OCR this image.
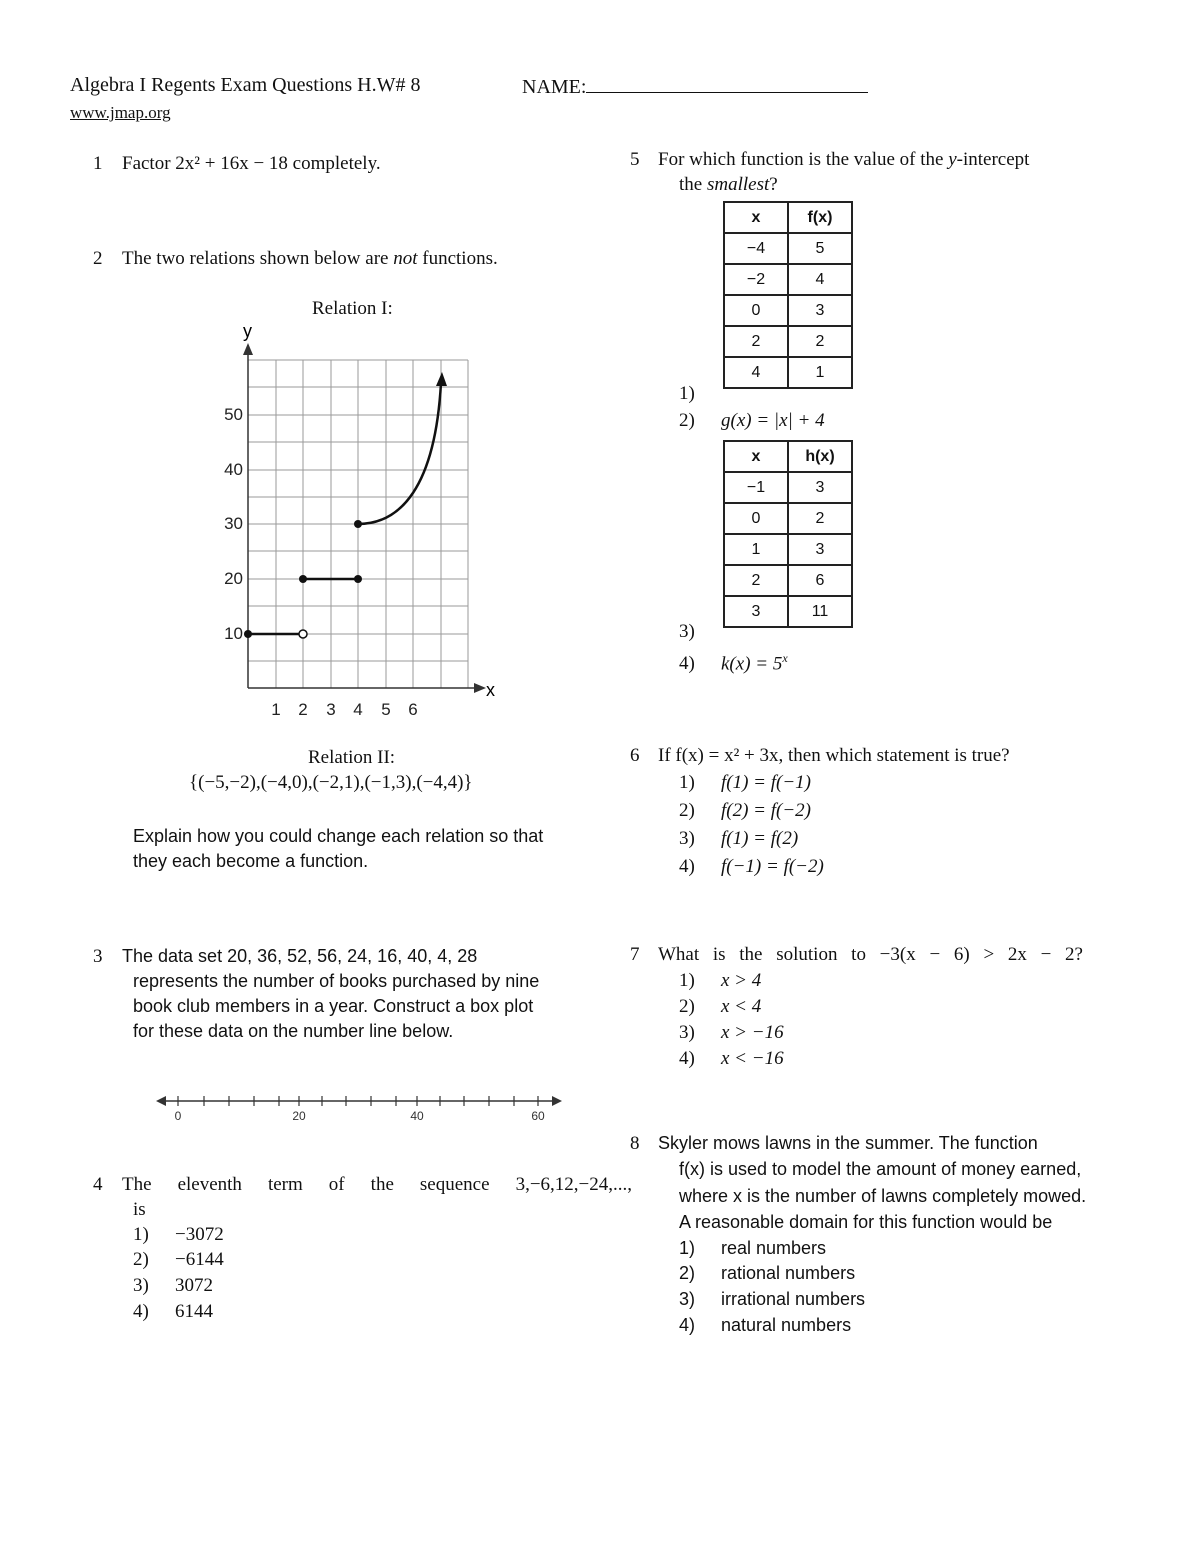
Algebra I Regents Exam Questions H.W# 8	NAME:
www.jmap.org
1 Factor 2x² + 16x − 18 completely.
2 The two relations shown below are not functions.
Relation I:
y
x
10
20
30
40
50
1 2 3 4 5 6
Relation II:
{(−5,−2),(−4,0),(−2,1),(−1,3),(−4,4)}
Explain how you could change each relation so that
they each become a function.
3 The data set 20, 36, 52, 56, 24, 16, 40, 4, 28
represents the number of books purchased by nine
book club members in a year. Construct a box plot
for these data on the number line below.
0	20	40	60
4 The eleventh term of the sequence 3,−6,12,−24,...,
is
1) −3072
2) −6144
3) 3072
4) 6144
5 For which function is the value of the y-intercept
the smallest?
x	f(x)
−4	5
−2	4
0	3
2	2
4	1
1)
2) g(x) = |x| + 4
x	h(x)
−1	3
0	2
1	3
2	6
3	11
3)
4) $k(x) = 5^x$
6 If f(x) = x² + 3x, then which statement is true?
1) f(1) = f(−1)
2) f(2) = f(−2)
3) f(1) = f(2)
4) f(−1) = f(−2)
7 What is the solution to −3(x − 6) > 2x − 2?
1) x > 4
2) x < 4
3) x > −16
4) x < −16
8 Skyler mows lawns in the summer. The function
f(x) is used to model the amount of money earned,
where x is the number of lawns completely mowed.
A reasonable domain for this function would be
1) real numbers
2) rational numbers
3) irrational numbers
4) natural numbers
